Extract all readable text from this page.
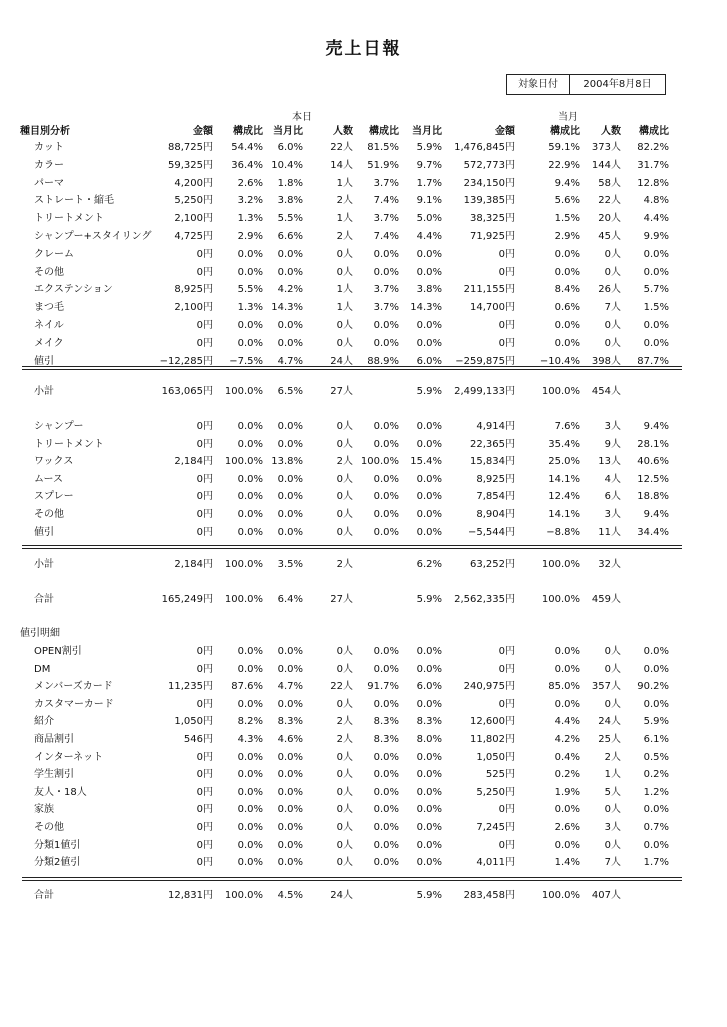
売上日報
対象日付	2004年8月8日
本日	当月
種目別分析	金額 構成比 当月比	人数 構成比 当月比	金額	構成比 人数 構成比
カット	88,725円 54.4% 6.0%	22人 81.5% 5.9% 1,476,845円	59.1% 373人 82.2%
カラー	59,325円 36.4% 10.4%	14人 51.9% 9.7% 572,773円	22.9% 144人 31.7%
パーマ	4,200円 2.6% 1.8%	1人 3.7% 1.7% 234,150円	9.4% 58人 12.8%
ストレート・縮毛	5,250円 3.2% 3.8%	2人 7.4% 9.1% 139,385円	5.6% 22人 4.8%
トリートメント	2,100円 1.3% 5.5%	1人 3.7% 5.0%	38,325円	1.5% 20人 4.4%
シャンプー+スタイリング 4,725円 2.9% 6.6%	2人 7.4% 4.4%	71,925円	2.9% 45人 9.9%
クレーム	0円 0.0% 0.0%	0人 0.0% 0.0%	0円	0.0% 0人 0.0%
その他	0円 0.0% 0.0%	0人 0.0% 0.0%	0円	0.0% 0人 0.0%
エクステンション	8,925円 5.5% 4.2%	1人 3.7% 3.8% 211,155円	8.4% 26人 5.7%
まつ毛	2,100円 1.3% 14.3%	1人 3.7% 14.3%	14,700円	0.6% 7人 1.5%
ネイル	0円 0.0% 0.0%	0人 0.0% 0.0%	0円	0.0% 0人 0.0%
メイク	0円 0.0% 0.0%	0人 0.0% 0.0%	0円	0.0% 0人 0.0%
値引	−12,285円 −7.5% 4.7%	24人 88.9% 6.0% −259,875円 −10.4% 398人 87.7%
小計	163,065円 100.0% 6.5%	27人	5.9% 2,499,133円	100.0% 454人
シャンプー	0円 0.0% 0.0%	0人 0.0% 0.0%	4,914円	7.6% 3人 9.4%
トリートメント	0円 0.0% 0.0%	0人 0.0% 0.0%	22,365円	35.4% 9人 28.1%
ワックス	2,184円 100.0% 13.8%	2人 100.0% 15.4%	15,834円	25.0% 13人 40.6%
ムース	0円 0.0% 0.0%	0人 0.0% 0.0%	8,925円	14.1% 4人 12.5%
スプレー	0円 0.0% 0.0%	0人 0.0% 0.0%	7,854円	12.4% 6人 18.8%
その他	0円 0.0% 0.0%	0人 0.0% 0.0%	8,904円	14.1% 3人 9.4%
値引	0円 0.0% 0.0%	0人 0.0% 0.0%	−5,544円	−8.8% 11人 34.4%
小計	2,184円 100.0% 3.5%	2人	6.2%	63,252円	100.0% 32人
合計	165,249円 100.0% 6.4%	27人	5.9% 2,562,335円	100.0% 459人
値引明細
OPEN割引	0円 0.0% 0.0%	0人 0.0% 0.0%	0円	0.0% 0人 0.0%
DM	0円 0.0% 0.0%	0人 0.0% 0.0%	0円	0.0% 0人 0.0%
メンバーズカード	11,235円 87.6% 4.7%	22人 91.7% 6.0% 240,975円	85.0% 357人 90.2%
カスタマーカード	0円 0.0% 0.0%	0人 0.0% 0.0%	0円	0.0% 0人 0.0%
紹介	1,050円 8.2% 8.3%	2人 8.3% 8.3%	12,600円	4.4% 24人 5.9%
商品割引	546円 4.3% 4.6%	2人 8.3% 8.0%	11,802円	4.2% 25人 6.1%
インターネット	0円 0.0% 0.0%	0人 0.0% 0.0%	1,050円	0.4% 2人 0.5%
学生割引	0円 0.0% 0.0%	0人 0.0% 0.0%	525円	0.2% 1人 0.2%
友人・18人	0円 0.0% 0.0%	0人 0.0% 0.0%	5,250円	1.9% 5人 1.2%
家族	0円 0.0% 0.0%	0人 0.0% 0.0%	0円	0.0% 0人 0.0%
その他	0円 0.0% 0.0%	0人 0.0% 0.0%	7,245円	2.6% 3人 0.7%
分類1値引	0円 0.0% 0.0%	0人 0.0% 0.0%	0円	0.0% 0人 0.0%
分類2値引	0円 0.0% 0.0%	0人 0.0% 0.0%	4,011円	1.4% 7人 1.7%
合計	12,831円 100.0% 4.5%	24人	5.9% 283,458円	100.0% 407人
